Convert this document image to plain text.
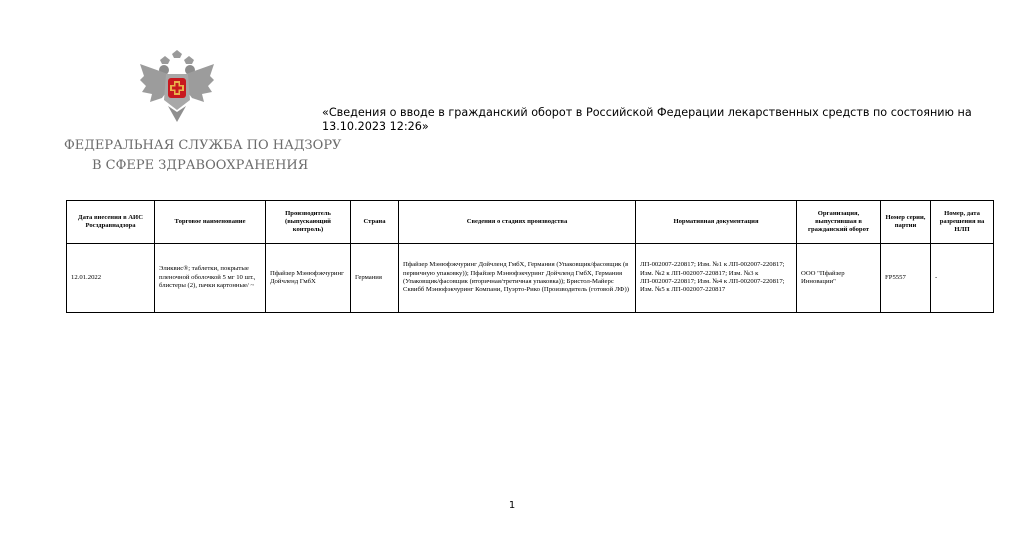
ФЕДЕРАЛЬНАЯ СЛУЖБА ПО НАДЗОРУ
В СФЕРЕ ЗДРАВООХРАНЕНИЯ
«Сведения о вводе в гражданский оборот в Российской Федерации лекарственных средств по состоянию на 13.10.2023 12:26»
Дата внесения в АИС Росздравнадзора	Торговое наименование	Производитель (выпускающий контроль)	Страна	Сведения о стадиях производства	Нормативная документация	Организация, выпустившая в гражданский оборот	Номер серии, партии	Номер, дата разрешения на НЛП
12.01.2022	Эликвис®; таблетки, покрытые пленочной оболочкой 5 мг 10 шт., блистеры (2), пачки картонные/ ~	Пфайзер Мэнюфэкчуринг Дойчленд ГмбХ	Германия	Пфайзер Мэнюфэкчуринг Дойчленд ГмбХ, Германия (Упаковщик/фасовщик (в первичную упаковку)); Пфайзер Мэнюфэкчуринг Дойчленд ГмбХ, Германия (Упаковщик/фасовщик (вторичная/третичная упаковка)); Бристол-Майерс Сквибб Мэнюфэкчуринг Компани, Пуэрто-Рико (Производитель (готовой ЛФ))	ЛП-002007-220817; Изм. №1 к ЛП-002007-220817; Изм. №2 к ЛП-002007-220817; Изм. №3 к ЛП-002007-220817; Изм. №4 к ЛП-002007-220817; Изм. №5 к ЛП-002007-220817	ООО "Пфайзер Инновации"	FP5557	-
1
